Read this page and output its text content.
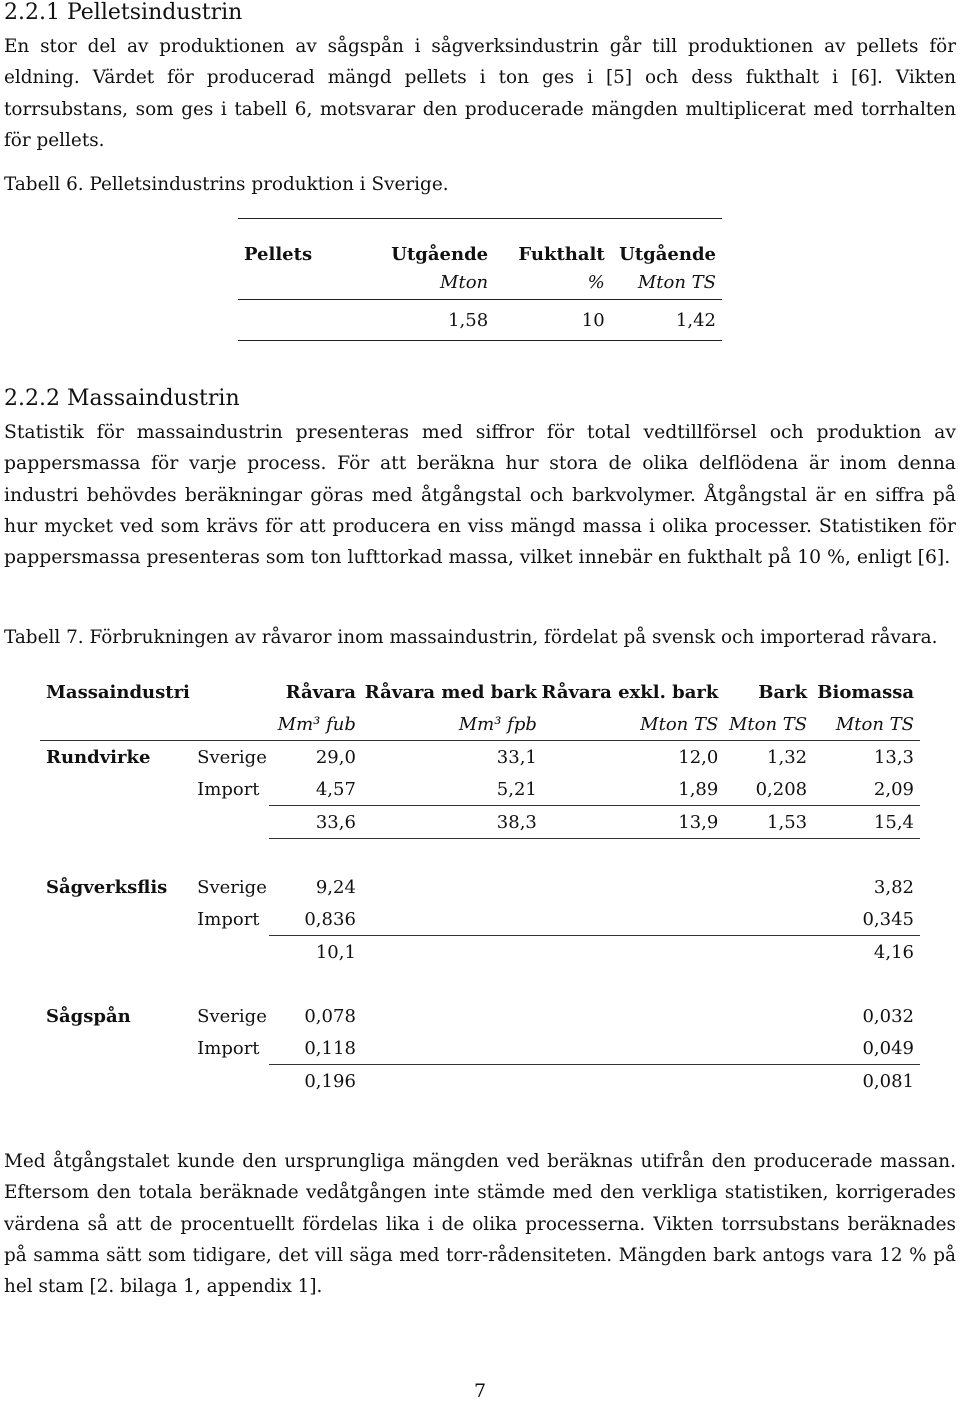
2.2.1 Pelletsindustrin
En stor del av produktionen av sågspån i sågverksindustrin går till produktionen av pellets för eldning. Värdet för producerad mängd pellets i ton ges i [5] och dess fukthalt i [6]. Vikten torrsubstans, som ges i tabell 6, motsvarar den producerade mängden multiplicerat med torrhalten för pellets.
Tabell 6. Pelletsindustrins produktion i Sverige.
Pellets	Utgående	Fukthalt	Utgående
	Mton	%	Mton TS
	1,58	10	1,42
2.2.2 Massaindustrin
Statistik för massaindustrin presenteras med siffror för total vedtillförsel och produktion av pappersmassa för varje process. För att beräkna hur stora de olika delflödena är inom denna industri behövdes beräkningar göras med åtgångstal och barkvolymer. Åtgångstal är en siffra på hur mycket ved som krävs för att producera en viss mängd massa i olika processer. Statistiken för pappersmassa presenteras som ton lufttorkad massa, vilket innebär en fukthalt på 10 %, enligt [6].
Tabell 7. Förbrukningen av råvaror inom massaindustrin, fördelat på svensk och importerad råvara.
Massaindustri		Råvara	Råvara med bark	Råvara exkl. bark	Bark	Biomassa
		Mm³ fub	Mm³ fpb	Mton TS	Mton TS	Mton TS
Rundvirke	Sverige	29,0	33,1	12,0	1,32	13,3
	Import	4,57	5,21	1,89	0,208	2,09
		33,6	38,3	13,9	1,53	15,4

Sågverksflis	Sverige	9,24				3,82
	Import	0,836				0,345
		10,1				4,16

Sågspån	Sverige	0,078				0,032
	Import	0,118				0,049
		0,196				0,081
Med åtgångstalet kunde den ursprungliga mängden ved beräknas utifrån den producerade massan. Eftersom den totala beräknade vedåtgången inte stämde med den verkliga statistiken, korrigerades värdena så att de procentuellt fördelas lika i de olika processerna. Vikten torrsubstans beräknades på samma sätt som tidigare, det vill säga med torr-rådensiteten. Mängden bark antogs vara 12 % på hel stam [2. bilaga 1, appendix 1].
7
